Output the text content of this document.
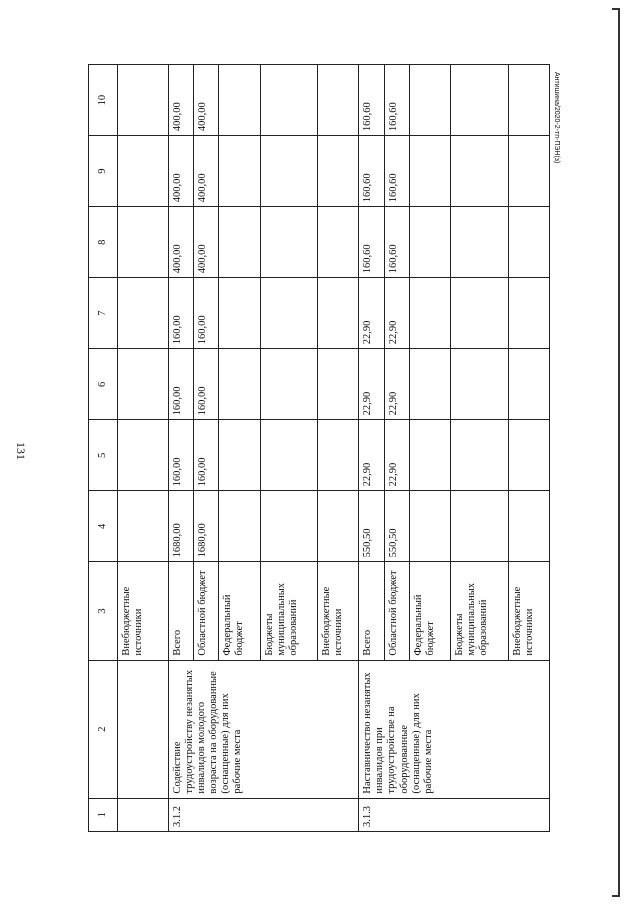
131
Антишина/2020-2-тп-ПЭН(з)
1	2	3	4	5	6	7	8	9	10
		Внебюджетные источники							
3.1.2	Содействие трудоустройству незанятых инвалидов молодого возраста на оборудованные (оснащенные) для них рабочие места	Всего	1680,00	160,00	160,00	160,00	400,00	400,00	400,00
		Областной бюджет	1680,00	160,00	160,00	160,00	400,00	400,00	400,00
		Федеральный бюджет							
		Бюджеты муниципальных образований							
		Внебюджетные источники							
3.1.3	Наставничество незанятых инвалидов при трудоустройстве на оборудованные (оснащенные) для них рабочие места	Всего	550,50	22,90	22,90	22,90	160,60	160,60	160,60
		Областной бюджет	550,50	22,90	22,90	22,90	160,60	160,60	160,60
		Федеральный бюджет							
		Бюджеты муниципальных образований							
		Внебюджетные источники							
